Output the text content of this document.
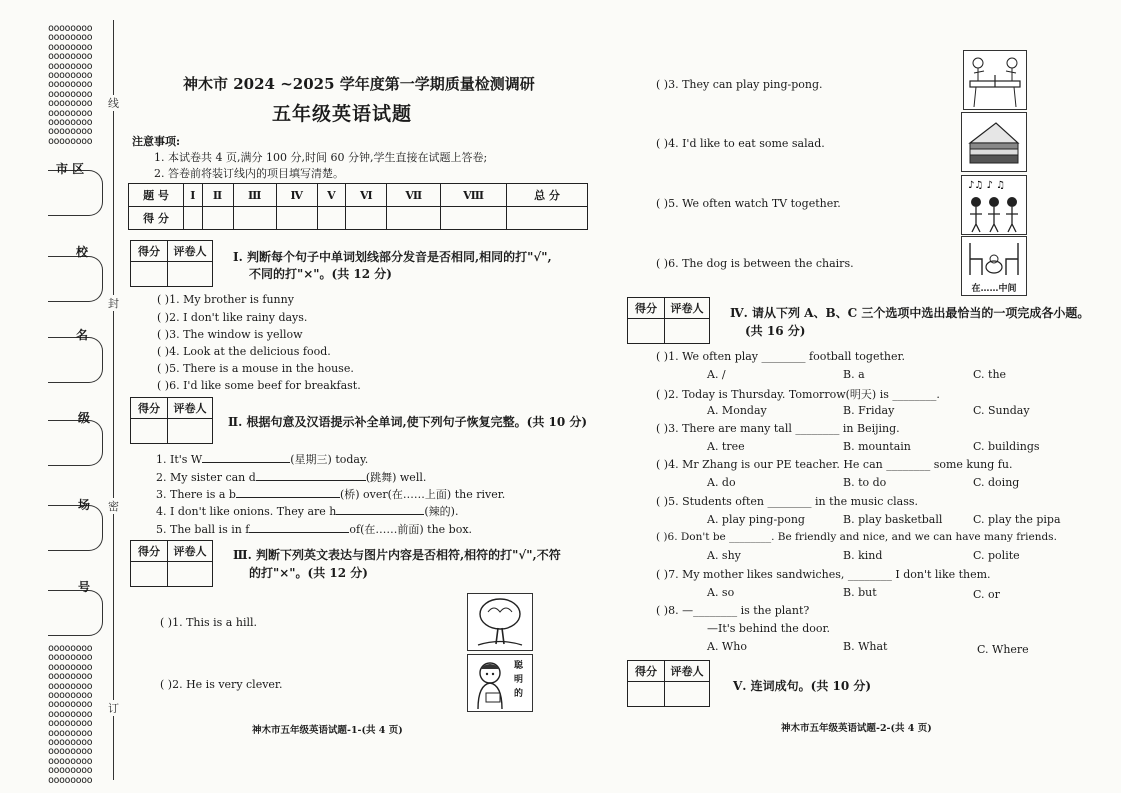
oooooooo
oooooooo
oooooooo
oooooooo
oooooooo
oooooooo
oooooooo
oooooooo
oooooooo
oooooooo
oooooooo
oooooooo
oooooooo
oooooooo
oooooooo
oooooooo
oooooooo
oooooooo
oooooooo
oooooooo
oooooooo
oooooooo
oooooooo
oooooooo
oooooooo
oooooooo
oooooooo
oooooooo
线
封
密
订
市 区
校
名
级
场
号
神木市 2024 ~2025 学年度第一学期质量检测调研
五年级英语试题
注意事项:
1. 本试卷共 4 页,满分 100 分,时间 60 分钟,学生直接在试题上答卷;
2. 答卷前将装订线内的项目填写清楚。
题 号	I	Ⅱ	Ⅲ	Ⅳ	Ⅴ	Ⅵ	Ⅶ	Ⅷ	总 分
得 分									
得分	评卷人
	Ⅰ. 判断每个句子中单词划线部分发音是否相同,相同的打"√",
不同的打"×"。(共 12 分)
( )1. My brother is funny
( )2. I don't like rainy days.
( )3. The window is yellow
( )4. Look at the delicious food.
( )5. There is a mouse in the house.
( )6. I'd like some beef for breakfast.
得分	评卷人

Ⅱ. 根据句意及汉语提示补全单词,使下列句子恢复完整。(共 10 分)
1. It's W	(星期三) today.
2. My sister can d	(跳舞) well.
3. There is a b	(桥) over(在……上面) the river.
4. I don't like onions. They are h	(辣的).
5. The ball is in f	of(在……前面) the box.
得分	评卷人
	Ⅲ. 判断下列英文表达与图片内容是否相符,相符的打"√",不符
的打"×"。(共 12 分)
( )1. This is a hill.
( )2. He is very clever.
聪明的
神木市五年级英语试题-1-(共 4 页)
( )3. They can play ping-pong.
( )4. I'd like to eat some salad.
( )5. We often watch TV together.
( )6. The dog is between the chairs.
♪♫ ♪ ♫
在……中间
得分	评卷人
	Ⅳ. 请从下列 A、B、C 三个选项中选出最恰当的一项完成各小题。
(共 16 分)
( )1. We often play ________ football together.
A. /	B. a	C. the
( )2. Today is Thursday. Tomorrow(明天) is ________.
A. Monday	B. Friday	C. Sunday
( )3. There are many tall ________ in Beijing.
A. tree	B. mountain	C. buildings
( )4. Mr Zhang is our PE teacher. He can ________ some kung fu.
A. do	B. to do	C. doing
( )5. Students often ________ in the music class.
A. play ping-pong	B. play basketball	C. play the pipa
( )6. Don't be ________. Be friendly and nice, and we can have many friends.
A. shy	B. kind	C. polite
( )7. My mother likes sandwiches, ________ I don't like them.
A. so	B. but	C. or
( )8. —________ is the plant?
—It's behind the door.
A. Who	B. What	C. Where
得分	评卷人

Ⅴ. 连词成句。(共 10 分)
神木市五年级英语试题-2-(共 4 页)
